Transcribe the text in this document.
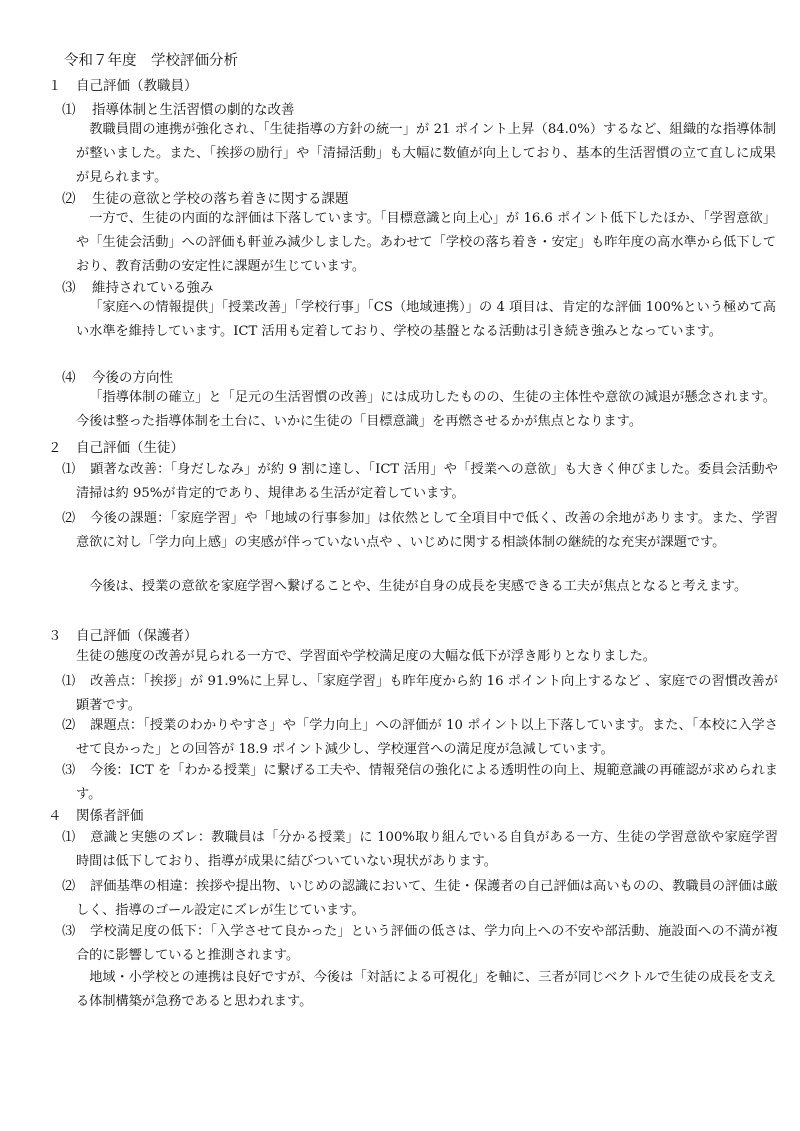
令和７年度　学校評価分析
１ 自己評価（教職員）
⑴ 指導体制と生活習慣の劇的な改善
教職員間の連携が強化され、「生徒指導の方針の統一」が 21 ポイント上昇（84.0%）するなど、組織的な指導体制が整いました。また、「挨拶の励行」や「清掃活動」も大幅に数値が向上しており、基本的生活習慣の立て直しに成果が見られます。
⑵ 生徒の意欲と学校の落ち着きに関する課題
一方で、生徒の内面的な評価は下落しています。「目標意識と向上心」が 16.6 ポイント低下したほか、「学習意欲」や「生徒会活動」への評価も軒並み減少しました。あわせて「学校の落ち着き・安定」も昨年度の高水準から低下しており、教育活動の安定性に課題が生じています。
⑶ 維持されている強み
「家庭への情報提供」「授業改善」「学校行事」「CS（地域連携）」の 4 項目は、肯定的な評価 100%という極めて高い水準を維持しています。ICT 活用も定着しており、学校の基盤となる活動は引き続き強みとなっています。
⑷ 今後の方向性
「指導体制の確立」と「足元の生活習慣の改善」には成功したものの、生徒の主体性や意欲の減退が懸念されます。今後は整った指導体制を土台に、いかに生徒の「目標意識」を再燃させるかが焦点となります。
２ 自己評価（生徒）
⑴ 顕著な改善：「身だしなみ」が約 9 割に達し、「ICT 活用」や「授業への意欲」も大きく伸びました。委員会活動や清掃は約 95%が肯定的であり、規律ある生活が定着しています。
⑵ 今後の課題：「家庭学習」や「地域の行事参加」は依然として全項目中で低く、改善の余地があります。また、学習意欲に対し「学力向上感」の実感が伴っていない点や 、いじめに関する相談体制の継続的な充実が課題です。
今後は、授業の意欲を家庭学習へ繋げることや、生徒が自身の成長を実感できる工夫が焦点となると考えます。
３ 自己評価（保護者）
生徒の態度の改善が見られる一方で、学習面や学校満足度の大幅な低下が浮き彫りとなりました。
⑴ 改善点：「挨拶」が 91.9%に上昇し、「家庭学習」も昨年度から約 16 ポイント向上するなど 、家庭での習慣改善が顕著です。
⑵ 課題点：「授業のわかりやすさ」や「学力向上」への評価が 10 ポイント以上下落しています。また、「本校に入学させて良かった」との回答が 18.9 ポイント減少し、学校運営への満足度が急減しています。
⑶ 今後：ICT を「わかる授業」に繋げる工夫や、情報発信の強化による透明性の向上、規範意識の再確認が求められます。
４ 関係者評価
⑴ 意識と実態のズレ：教職員は「分かる授業」に 100%取り組んでいる自負がある一方、生徒の学習意欲や家庭学習時間は低下しており、指導が成果に結びついていない現状があります。
⑵ 評価基準の相違：挨拶や提出物、いじめの認識において、生徒・保護者の自己評価は高いものの、教職員の評価は厳しく、指導のゴール設定にズレが生じています。
⑶ 学校満足度の低下：「入学させて良かった」という評価の低さは、学力向上への不安や部活動、施設面への不満が複合的に影響していると推測されます。
地域・小学校との連携は良好ですが、今後は「対話による可視化」を軸に、三者が同じベクトルで生徒の成長を支える体制構築が急務であると思われます。
